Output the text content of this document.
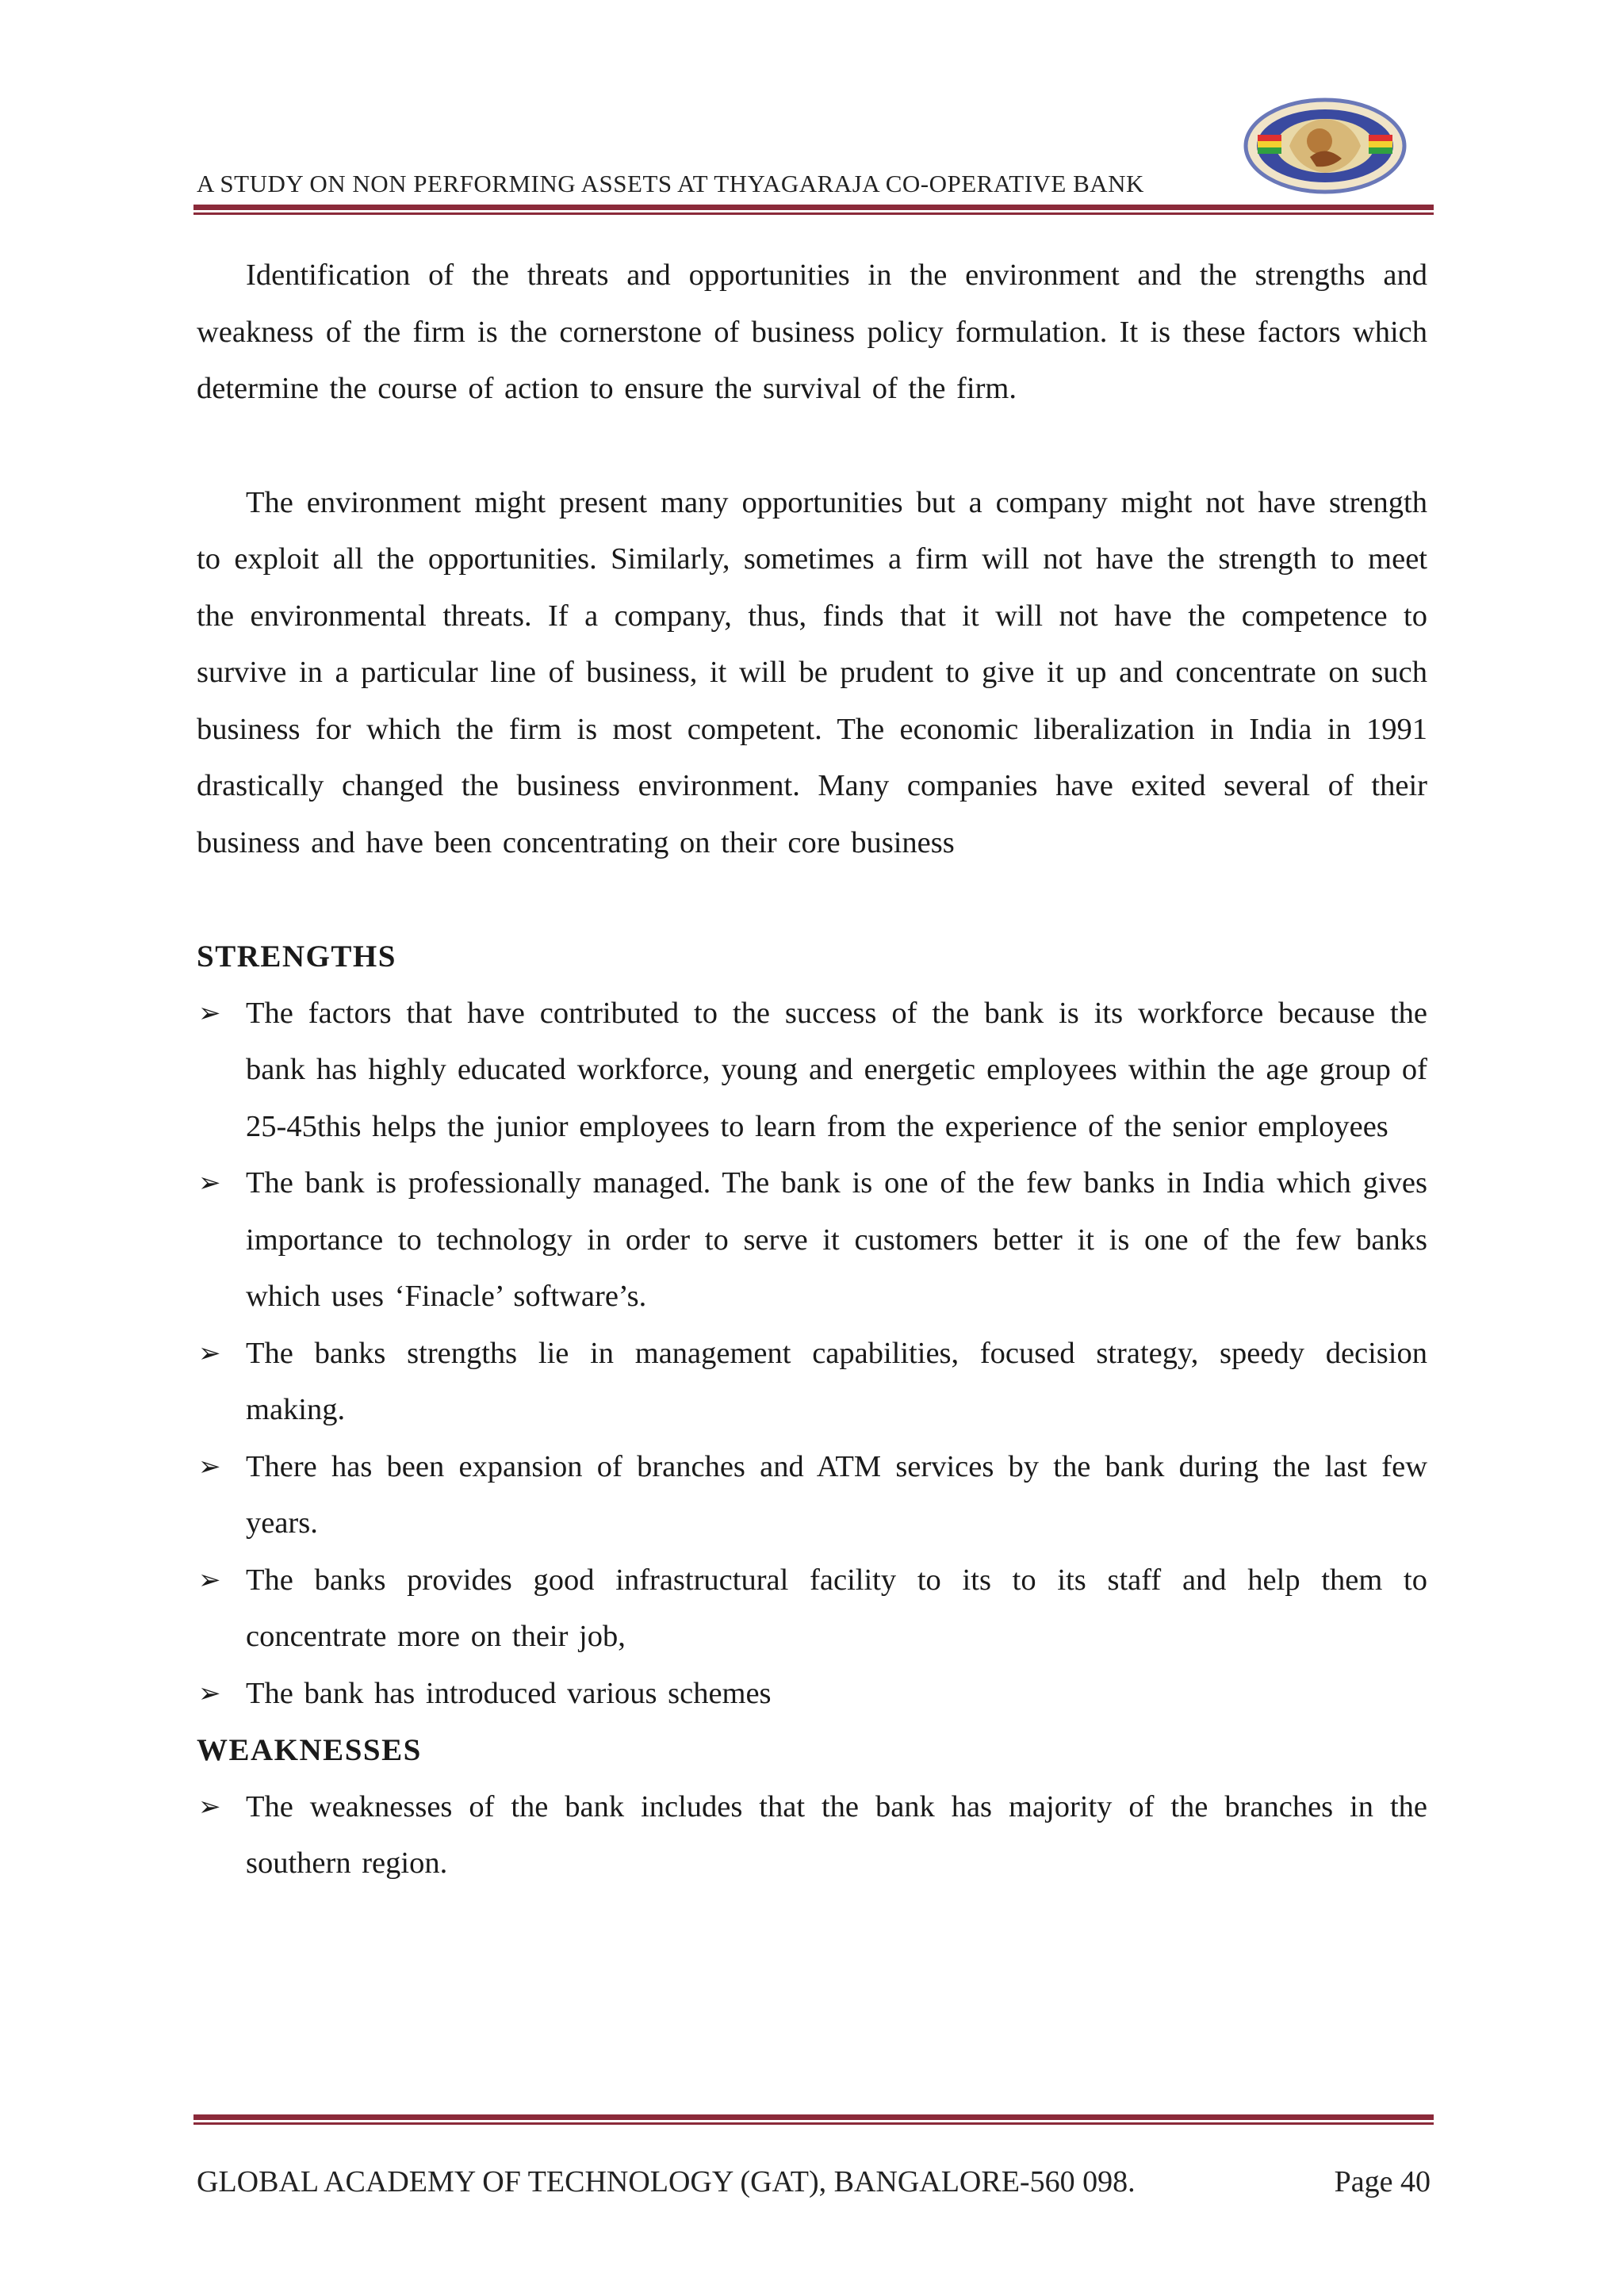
A STUDY ON NON PERFORMING ASSETS AT THYAGARAJA CO-OPERATIVE BANK

Identification of the threats and opportunities in the environment and the strengths and weakness of the firm is the cornerstone of business policy formulation. It is these factors which determine the course of action to ensure the survival of the firm.

The environment might present many opportunities but a company might not have strength to exploit all the opportunities. Similarly, sometimes a firm will not have the strength to meet the environmental threats. If a company, thus, finds that it will not have the competence to survive in a particular line of business, it will be prudent to give it up and concentrate on such business for which the firm is most competent. The economic liberalization in India in 1991 drastically changed the business environment. Many companies have exited several of their business and have been concentrating on their core business

STRENGTHS

➢ The factors that have contributed to the success of the bank is its workforce because the bank has highly educated workforce, young and energetic employees within the age group of 25-45this helps the junior employees to learn from the experience of the senior employees
➢ The bank is professionally managed. The bank is one of the few banks in India which gives importance to technology in order to serve it customers better it is one of the few banks which uses ‘Finacle’ software’s.
➢ The banks strengths lie in management capabilities, focused strategy, speedy decision making.
➢ There has been expansion of branches and ATM services by the bank during the last few years.
➢ The banks provides good infrastructural facility to its to its staff and help them to concentrate more on their job,
➢ The bank has introduced various schemes

WEAKNESSES

➢ The weaknesses of the bank includes that the bank has majority of the branches in the southern region.
GLOBAL ACADEMY OF TECHNOLOGY (GAT), BANGALORE-560 098.	Page 40
